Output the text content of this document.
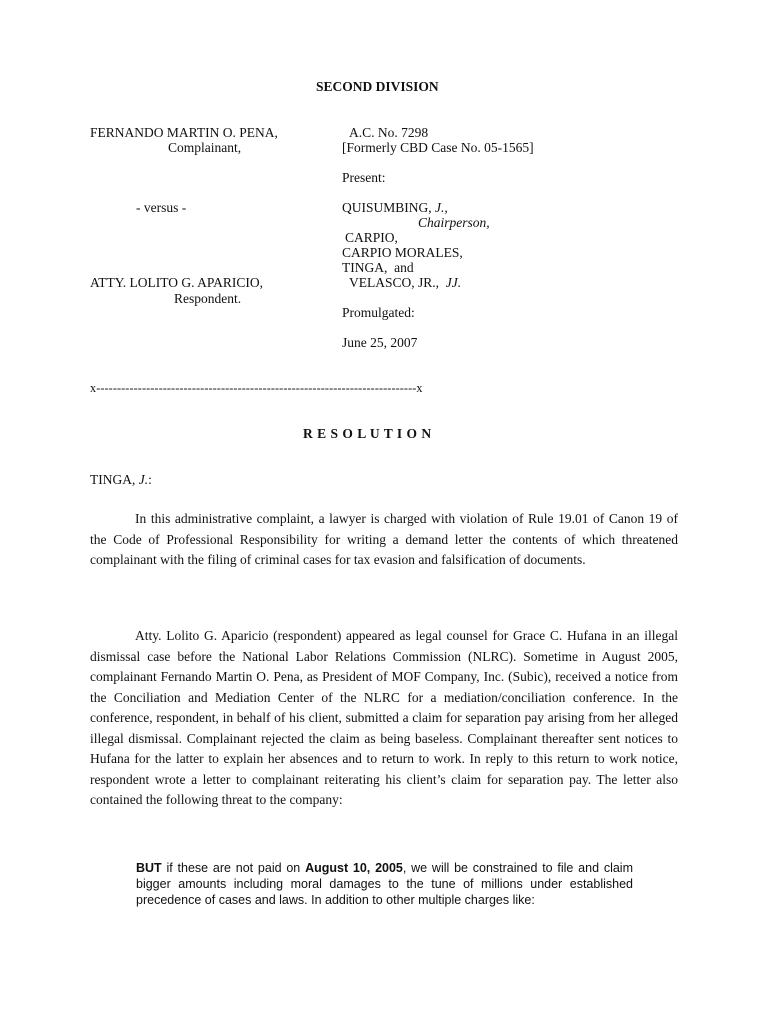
SECOND DIVISION
FERNANDO MARTIN O. PENA,
Complainant,
- versus -
ATTY. LOLITO G. APARICIO,
Respondent.
A.C. No. 7298
[Formerly CBD Case No. 05-1565]
Present:
QUISUMBING, J.,
Chairperson,
CARPIO,
CARPIO MORALES,
TINGA,  and
VELASCO, JR., JJ.
Promulgated:
June 25, 2007
x-----------------------------------------------------------------------------x
R E S O L U T I O N
TINGA, J.:

In this administrative complaint, a lawyer is charged with violation of Rule 19.01 of Canon 19 of the Code of Professional Responsibility for writing a demand letter the contents of which threatened complainant with the filing of criminal cases for tax evasion and falsification of documents.

Atty. Lolito G. Aparicio (respondent) appeared as legal counsel for Grace C. Hufana in an illegal dismissal case before the National Labor Relations Commission (NLRC). Sometime in August 2005, complainant Fernando Martin O. Pena, as President of MOF Company, Inc. (Subic), received a notice from the Conciliation and Mediation Center of the NLRC for a mediation/conciliation conference. In the conference, respondent, in behalf of his client, submitted a claim for separation pay arising from her alleged illegal dismissal. Complainant rejected the claim as being baseless. Complainant thereafter sent notices to Hufana for the latter to explain her absences and to return to work. In reply to this return to work notice, respondent wrote a letter to complainant reiterating his client’s claim for separation pay. The letter also contained the following threat to the company:

BUT if these are not paid on August 10, 2005, we will be constrained to file and claim bigger amounts including moral damages to the tune of millions under established precedence of cases and laws. In addition to other multiple charges like:
